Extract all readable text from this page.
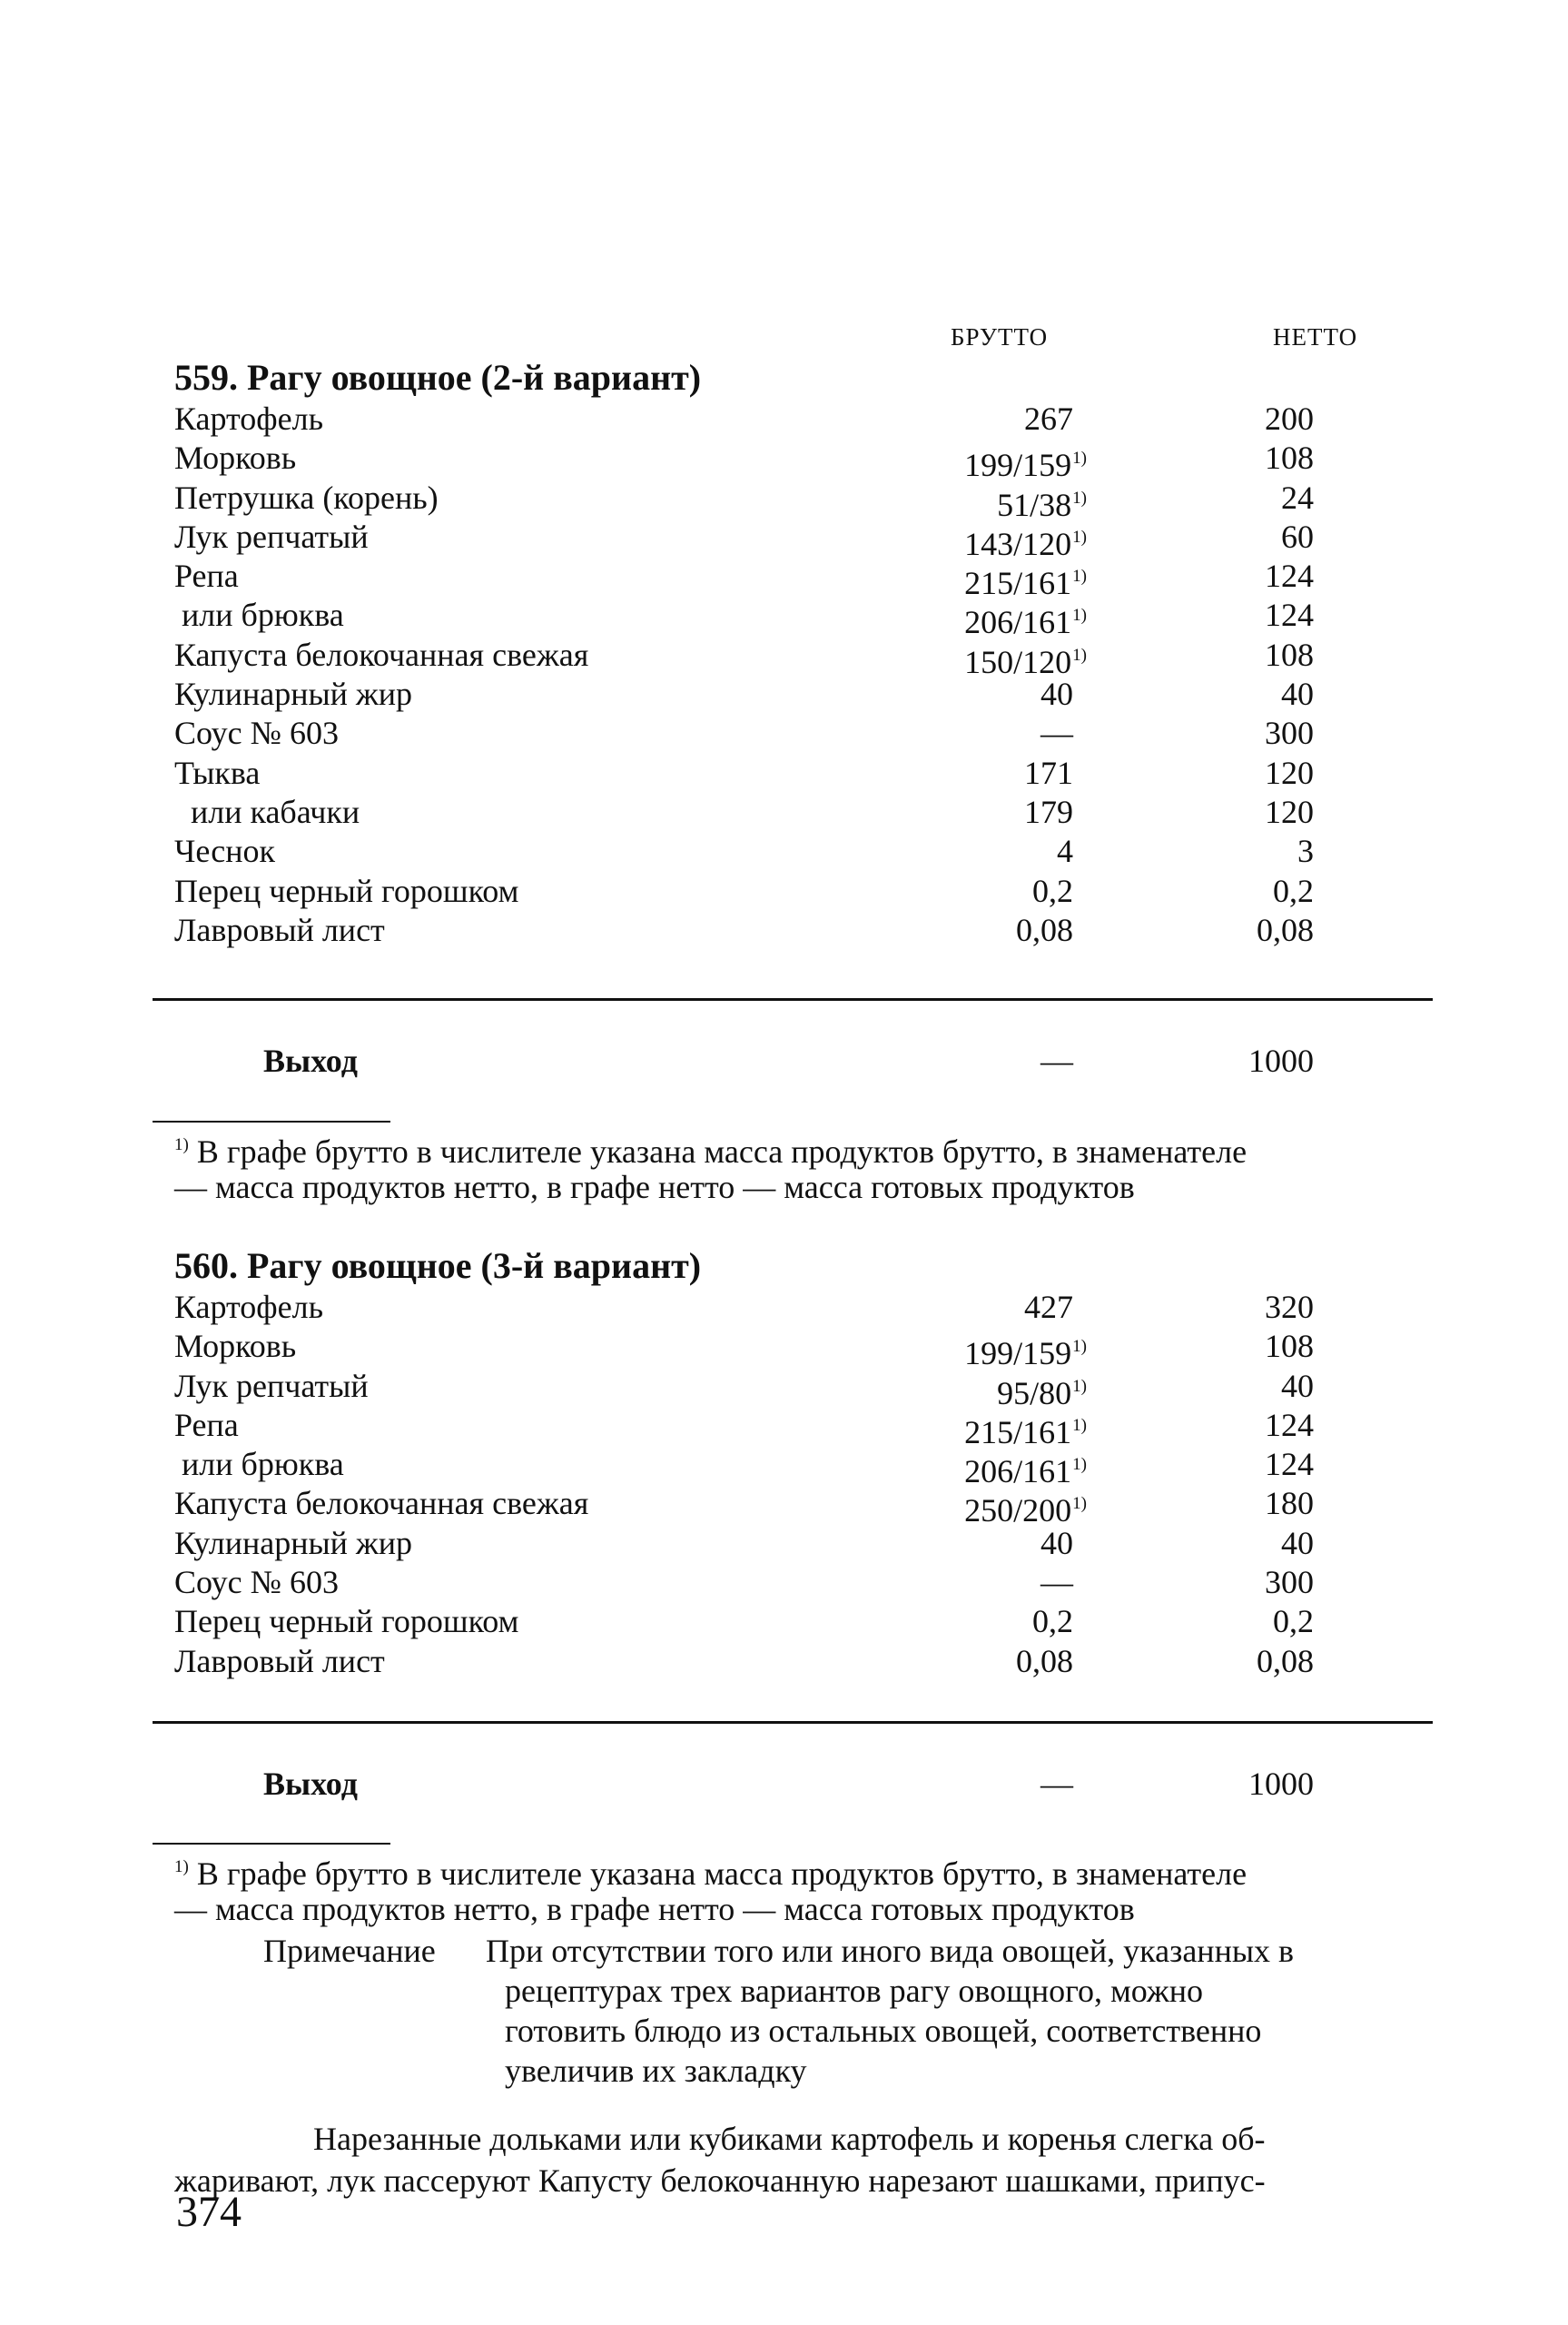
БРУТТО	НЕТТО
559. Рагу овощное (2-й вариант)
Картофель	267	200
Морковь	199/159$^{1)}$	108
Петрушка (корень)	51/38$^{1)}$	24
Лук репчатый	143/120$^{1)}$	60
Репа	215/161$^{1)}$	124
или брюква	206/161$^{1)}$	124
Капуста белокочанная свежая	150/120$^{1)}$	108
Кулинарный жир	40	40
Соус № 603	—	300
Тыква	171	120
или кабачки	179	120
Чеснок	4	3
Перец черный горошком	0,2	0,2
Лавровый лист	0,08	0,08
Выход	—	1000
$^{1)}$ В графе брутто в числителе указана масса продуктов брутто, в знаменателе
— масса продуктов нетто, в графе нетто — масса готовых продуктов
560. Рагу овощное (3-й вариант)
Картофель	427	320
Морковь	199/159$^{1)}$	108
Лук репчатый	95/80$^{1)}$	40
Репа	215/161$^{1)}$	124
или брюква	206/161$^{1)}$	124
Капуста белокочанная свежая	250/200$^{1)}$	180
Кулинарный жир	40	40
Соус № 603	—	300
Перец черный горошком	0,2	0,2
Лавровый лист	0,08	0,08
Выход	—	1000
$^{1)}$ В графе брутто в числителе указана масса продуктов брутто, в знаменателе
— масса продуктов нетто, в графе нетто — масса готовых продуктов
Примечание При отсутствии того или иного вида овощей, указанных в
рецептурах трех вариантов рагу овощного, можно
готовить блюдо из остальных овощей, соответственно
увеличив их закладку
Нарезанные дольками или кубиками картофель и коренья слегка об-
жаривают, лук пассеруют Капусту белокочанную нарезают шашками, припус-
374
